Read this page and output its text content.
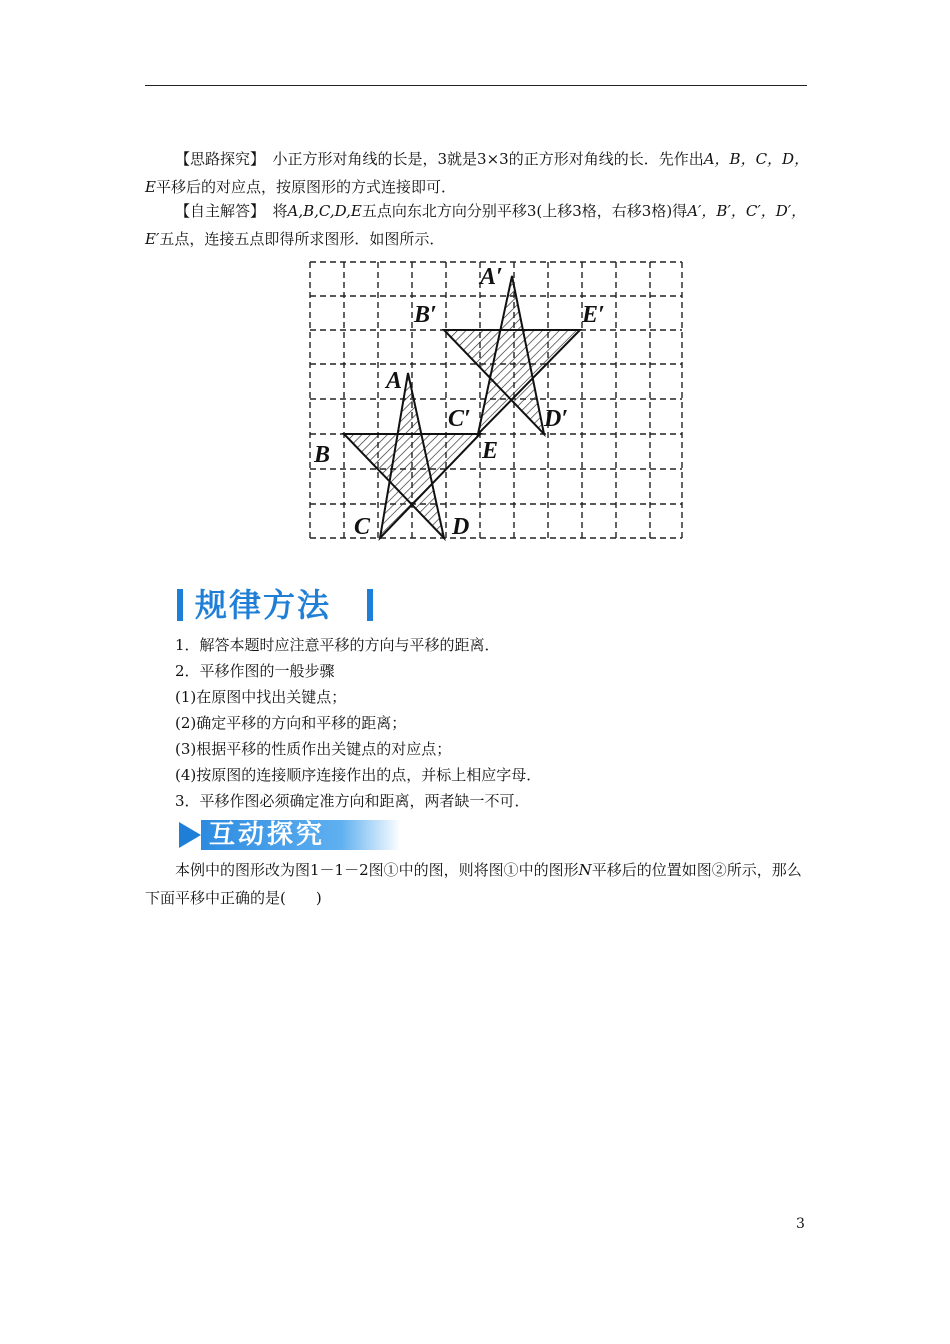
【思路探究】　小正方形对角线的长是，3就是3×3的正方形对角线的长．先作出A，B，C，D，E平移后的对应点，按原图形的方式连接即可．

【自主解答】　将A,B,C,D,E五点向东北方向分别平移3(上移3格，右移3格)得A′，B′，C′，D′，E′五点，连接五点即得所求图形．如图所示．

A
B
C	D
E
A′
B′
C′	D′
E′
规律方法
1．解答本题时应注意平移的方向与平移的距离．
2．平移作图的一般步骤
(1)在原图中找出关键点；
(2)确定平移的方向和平移的距离；
(3)根据平移的性质作出关键点的对应点；
(4)按原图的连接顺序连接作出的点，并标上相应字母．
3．平移作图必须确定准方向和距离，两者缺一不可．
互动探究

本例中的图形改为图1－1－2图①中的图，则将图①中的图形N平移后的位置如图②所示，那么下面平移中正确的是(　　)

3
